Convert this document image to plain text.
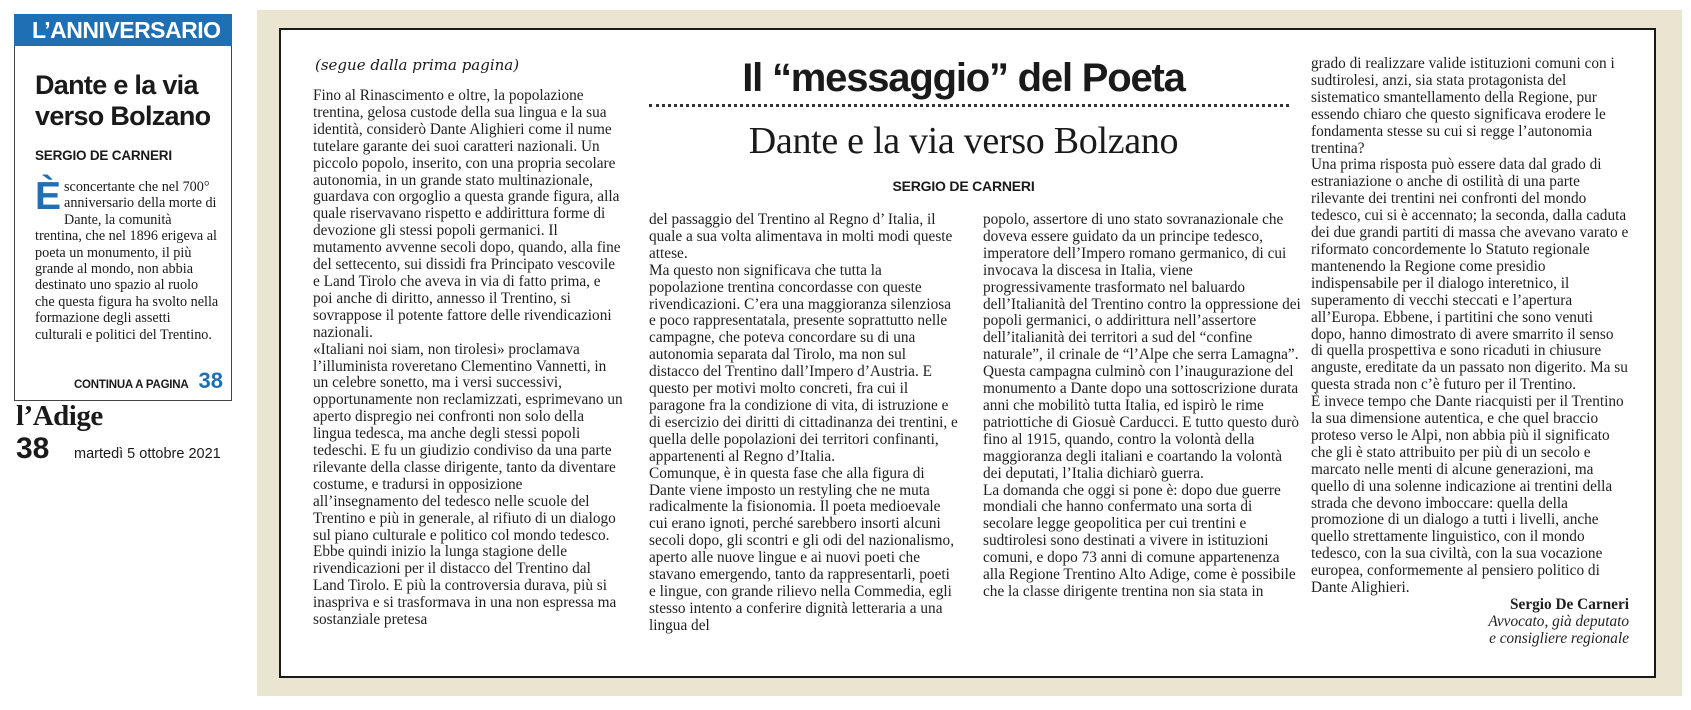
L’ANNIVERSARIO
Dante e la via verso Bolzano
SERGIO DE CARNERI
Èsconcertante che nel 700° anniversario della morte di Dante, la comunità trentina, che nel 1896 erigeva al poeta un monumento, il più grande al mondo, non abbia destinato uno spazio al ruolo che questa figura ha svolto nella formazione degli assetti culturali e politici del Trentino.
CONTINUA A PAGINA 38
l’Adige
38 martedì 5 ottobre 2021
(segue dalla prima pagina)

Fino al Rinascimento e oltre, la popolazione trentina, gelosa custode della sua lingua e la sua identità, considerò Dante Alighieri come il nume tutelare garante dei suoi caratteri nazionali. Un piccolo popolo, inserito, con una propria secolare autonomia, in un grande stato multinazionale, guardava con orgoglio a questa grande figura, alla quale riservavano rispetto e addirittura forme di devozione gli stessi popoli germanici. Il mutamento avvenne secoli dopo, quando, alla fine del settecento, sui dissidi fra Principato vescovile e Land Tirolo che aveva in via di fatto prima, e poi anche di diritto, annesso il Trentino, si sovrappose il potente fattore delle rivendicazioni nazionali.

«Italiani noi siam, non tirolesi» proclamava l’illuminista roveretano Clementino Vannetti, in un celebre sonetto, ma i versi successivi, opportunamente non reclamizzati, esprimevano un aperto dispregio nei confronti non solo della lingua tedesca, ma anche degli stessi popoli tedeschi. E fu un giudizio condiviso da una parte rilevante della classe dirigente, tanto da diventare costume, e tradursi in opposizione all’insegnamento del tedesco nelle scuole del Trentino e più in generale, al rifiuto di un dialogo sul piano culturale e politico col mondo tedesco.

Ebbe quindi inizio la lunga stagione delle rivendicazioni per il distacco del Trentino dal Land Tirolo. E più la controversia durava, più si inaspriva e si trasformava in una non espressa ma sostanziale pretesa

Il “messaggio” del Poeta
Dante e la via verso Bolzano
SERGIO DE CARNERI

del passaggio del Trentino al Regno d’ Italia, il quale a sua volta alimentava in molti modi queste attese.

Ma questo non significava che tutta la popolazione trentina concordasse con queste rivendicazioni. C’era una maggioranza silenziosa e poco rappresentatala, presente soprattutto nelle campagne, che poteva concordare su di una autonomia separata dal Tirolo, ma non sul distacco del Trentino dall’Impero d’Austria. E questo per motivi molto concreti, fra cui il paragone fra la condizione di vita, di istruzione e di esercizio dei diritti di cittadinanza dei trentini, e quella delle popolazioni dei territori confinanti, appartenenti al Regno d’Italia.

Comunque, è in questa fase che alla figura di Dante viene imposto un restyling che ne muta radicalmente la fisionomia. Il poeta medioevale cui erano ignoti, perché sarebbero insorti alcuni secoli dopo, gli scontri e gli odi del nazionalismo, aperto alle nuove lingue e ai nuovi poeti che stavano emergendo, tanto da rappresentarli, poeti e lingue, con grande rilievo nella Commedia, egli stesso intento a conferire dignità letteraria a una lingua del

popolo, assertore di uno stato sovranazionale che doveva essere guidato da un principe tedesco, imperatore dell’Impero romano germanico, di cui invocava la discesa in Italia, viene progressivamente trasformato nel baluardo dell’Italianità del Trentino contro la oppressione dei popoli germanici, o addirittura nell’assertore dell’italianità dei territori a sud del “confine naturale”, il crinale de “l’Alpe che serra Lamagna”.

Questa campagna culminò con l’inaugurazione del monumento a Dante dopo una sottoscrizione durata anni che mobilitò tutta Italia, ed ispirò le rime patriottiche di Giosuè Carducci. E tutto questo durò fino al 1915, quando, contro la volontà della maggioranza degli italiani e coartando la volontà dei deputati, l’Italia dichiarò guerra.

La domanda che oggi si pone è: dopo due guerre mondiali che hanno confermato una sorta di secolare legge geopolitica per cui trentini e sudtirolesi sono destinati a vivere in istituzioni comuni, e dopo 73 anni di comune appartenenza alla Regione Trentino Alto Adige, come è possibile che la classe dirigente trentina non sia stata in

grado di realizzare valide istituzioni comuni con i sudtirolesi, anzi, sia stata protagonista del sistematico smantellamento della Regione, pur essendo chiaro che questo significava erodere le fondamenta stesse su cui si regge l’autonomia trentina?

Una prima risposta può essere data dal grado di estraniazione o anche di ostilità di una parte rilevante dei trentini nei confronti del mondo tedesco, cui si è accennato; la seconda, dalla caduta dei due grandi partiti di massa che avevano varato e riformato concordemente lo Statuto regionale mantenendo la Regione come presidio indispensabile per il dialogo interetnico, il superamento di vecchi steccati e l’apertura all’Europa. Ebbene, i partitini che sono venuti dopo, hanno dimostrato di avere smarrito il senso di quella prospettiva e sono ricaduti in chiusure anguste, ereditate da un passato non digerito. Ma su questa strada non c’è futuro per il Trentino.

È invece tempo che Dante riacquisti per il Trentino la sua dimensione autentica, e che quel braccio proteso verso le Alpi, non abbia più il significato che gli è stato attribuito per più di un secolo e marcato nelle menti di alcune generazioni, ma quello di una solenne indicazione ai trentini della strada che devono imboccare: quella della promozione di un dialogo a tutti i livelli, anche quello strettamente linguistico, con il mondo tedesco, con la sua civiltà, con la sua vocazione europea, conformemente al pensiero politico di Dante Alighieri.

Sergio De Carneri

Avvocato, già deputato

e consigliere regionale
